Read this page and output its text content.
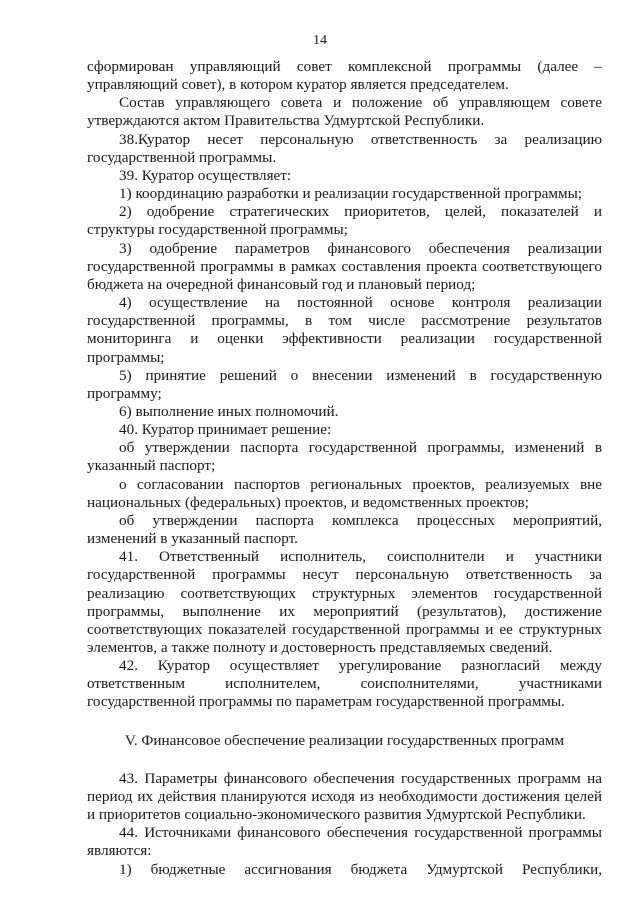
14

сформирован управляющий совет комплексной программы (далее – управляющий совет), в котором куратор является председателем.

Состав управляющего совета и положение об управляющем совете утверждаются актом Правительства Удмуртской Республики.

38.Куратор несет персональную ответственность за реализацию государственной программы.

39. Куратор осуществляет:

1) координацию разработки и реализации государственной программы;

2) одобрение стратегических приоритетов, целей, показателей и структуры государственной программы;

3) одобрение параметров финансового обеспечения реализации государственной программы в рамках составления проекта соответствующего бюджета на очередной финансовый год и плановый период;

4) осуществление на постоянной основе контроля реализации государственной программы, в том числе рассмотрение результатов мониторинга и оценки эффективности реализации государственной программы;

5) принятие решений о внесении изменений в государственную программу;

6) выполнение иных полномочий.

40. Куратор принимает решение:

об утверждении паспорта государственной программы, изменений в указанный паспорт;

о согласовании паспортов региональных проектов, реализуемых вне национальных (федеральных) проектов, и ведомственных проектов;

об утверждении паспорта комплекса процессных мероприятий, изменений в указанный паспорт.

41. Ответственный исполнитель, соисполнители и участники государственной программы несут персональную ответственность за реализацию соответствующих структурных элементов государственной программы, выполнение их мероприятий (результатов), достижение соответствующих показателей государственной программы и ее структурных элементов, а также полноту и достоверность представляемых сведений.

42. Куратор осуществляет урегулирование разногласий между ответственным исполнителем, соисполнителями, участниками государственной программы по параметрам государственной программы.

V. Финансовое обеспечение реализации государственных программ

43. Параметры финансового обеспечения государственных программ на период их действия планируются исходя из необходимости достижения целей и приоритетов социально-экономического развития Удмуртской Республики.

44. Источниками финансового обеспечения государственной программы являются:

1) бюджетные ассигнования бюджета Удмуртской Республики,
